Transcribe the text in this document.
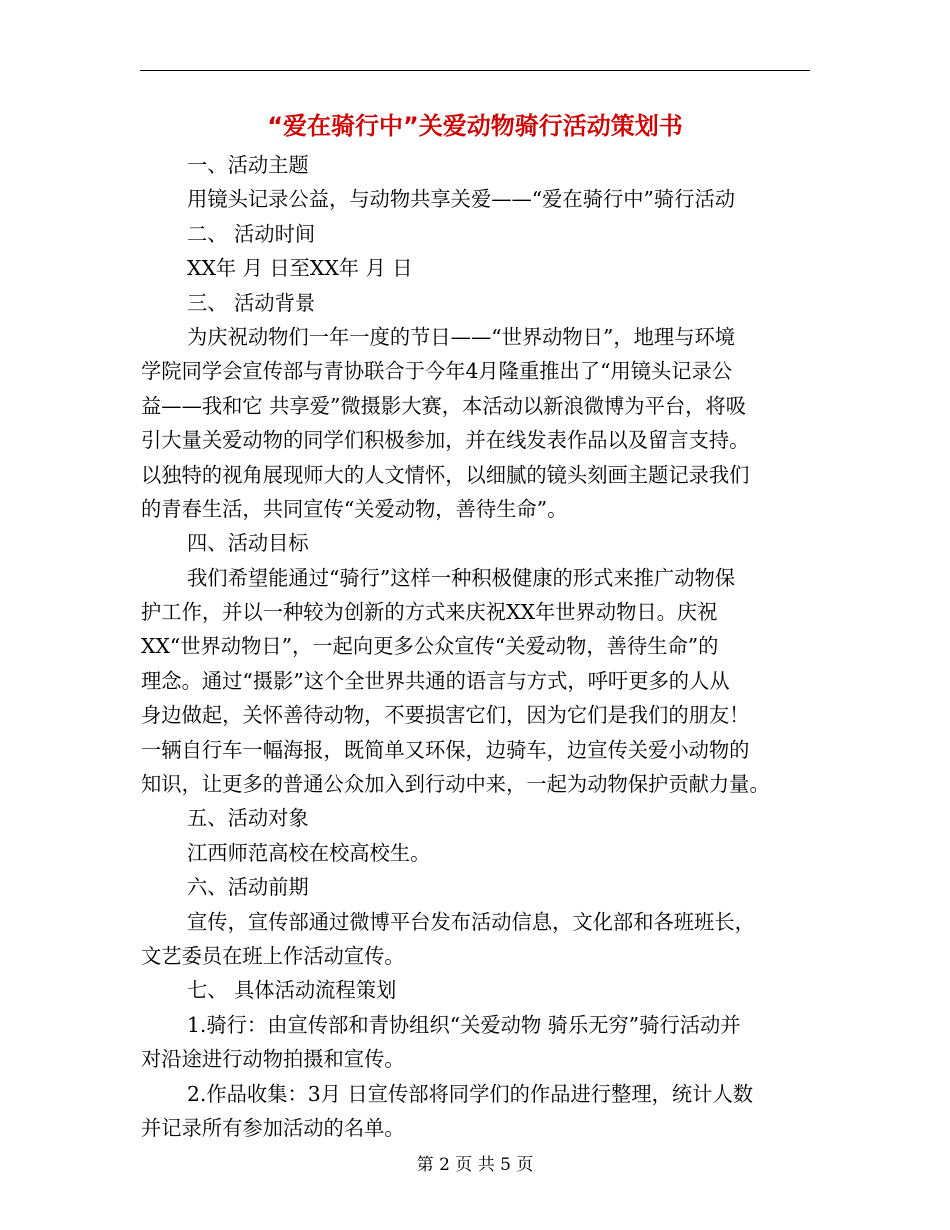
“爱在骑行中”关爱动物骑行活动策划书
一、活动主题
用镜头记录公益，与动物共享关爱——“爱在骑行中”骑行活动
二、 活动时间
XX年 月 日至XX年 月 日
三、 活动背景
为庆祝动物们一年一度的节日——“世界动物日”，地理与环境
学院同学会宣传部与青协联合于今年4月隆重推出了“用镜头记录公
益——我和它 共享爱”微摄影大赛，本活动以新浪微博为平台，将吸
引大量关爱动物的同学们积极参加，并在线发表作品以及留言支持。
以独特的视角展现师大的人文情怀，以细腻的镜头刻画主题记录我们
的青春生活，共同宣传“关爱动物，善待生命”。
四、活动目标
我们希望能通过“骑行”这样一种积极健康的形式来推广动物保
护工作，并以一种较为创新的方式来庆祝XX年世界动物日。庆祝
XX“世界动物日”，一起向更多公众宣传“关爱动物，善待生命”的
理念。通过“摄影”这个全世界共通的语言与方式，呼吁更多的人从
身边做起，关怀善待动物，不要损害它们，因为它们是我们的朋友！
一辆自行车一幅海报，既简单又环保，边骑车，边宣传关爱小动物的
知识，让更多的普通公众加入到行动中来，一起为动物保护贡献力量。
五、活动对象
江西师范高校在校高校生。
六、活动前期
宣传，宣传部通过微博平台发布活动信息，文化部和各班班长，
文艺委员在班上作活动宣传。
七、 具体活动流程策划
1.骑行：由宣传部和青协组织“关爱动物 骑乐无穷”骑行活动并
对沿途进行动物拍摄和宣传。
2.作品收集：3月 日宣传部将同学们的作品进行整理，统计人数
并记录所有参加活动的名单。
第 2 页 共 5 页
